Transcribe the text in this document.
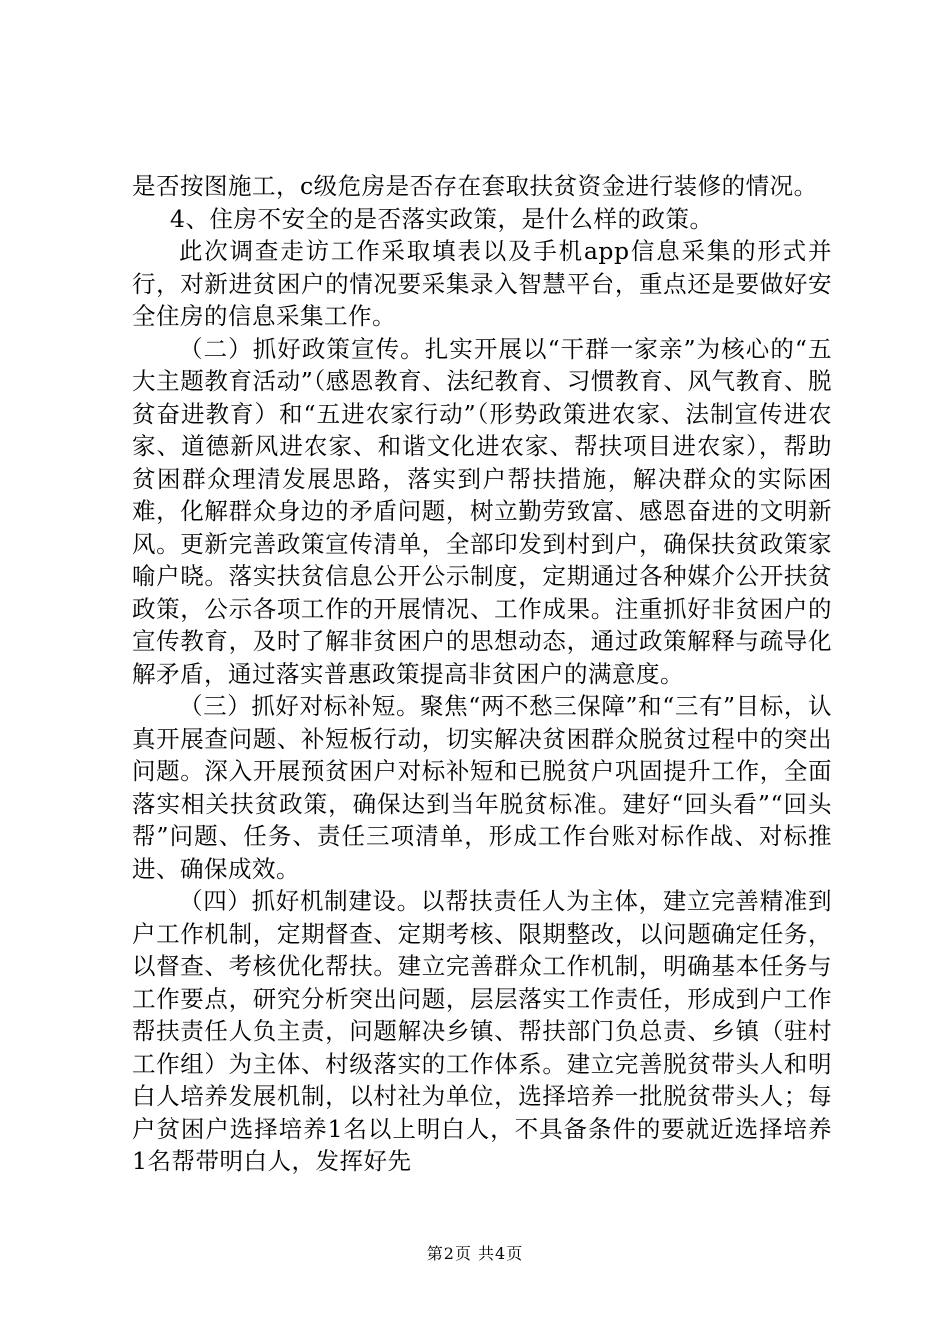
是否按图施工，c级危房是否存在套取扶贫资金进行装修的情况。

4、住房不安全的是否落实政策，是什么样的政策。

此次调查走访工作采取填表以及手机app信息采集的形式并行，对新进贫困户的情况要采集录入智慧平台，重点还是要做好安全住房的信息采集工作。

（二）抓好政策宣传。扎实开展以“干群一家亲”为核心的“五大主题教育活动”（感恩教育、法纪教育、习惯教育、风气教育、脱贫奋进教育）和“五进农家行动”（形势政策进农家、法制宣传进农家、道德新风进农家、和谐文化进农家、帮扶项目进农家），帮助贫困群众理清发展思路，落实到户帮扶措施，解决群众的实际困难，化解群众身边的矛盾问题，树立勤劳致富、感恩奋进的文明新风。更新完善政策宣传清单，全部印发到村到户，确保扶贫政策家喻户晓。落实扶贫信息公开公示制度，定期通过各种媒介公开扶贫政策，公示各项工作的开展情况、工作成果。注重抓好非贫困户的宣传教育，及时了解非贫困户的思想动态，通过政策解释与疏导化解矛盾，通过落实普惠政策提高非贫困户的满意度。

（三）抓好对标补短。聚焦“两不愁三保障”和“三有”目标，认真开展查问题、补短板行动，切实解决贫困群众脱贫过程中的突出问题。深入开展预贫困户对标补短和已脱贫户巩固提升工作，全面落实相关扶贫政策，确保达到当年脱贫标准。建好“回头看”“回头帮”问题、任务、责任三项清单，形成工作台账对标作战、对标推进、确保成效。

（四）抓好机制建设。以帮扶责任人为主体，建立完善精准到户工作机制，定期督查、定期考核、限期整改，以问题确定任务，以督查、考核优化帮扶。建立完善群众工作机制，明确基本任务与工作要点，研究分析突出问题，层层落实工作责任，形成到户工作帮扶责任人负主责，问题解决乡镇、帮扶部门负总责、乡镇（驻村工作组）为主体、村级落实的工作体系。建立完善脱贫带头人和明白人培养发展机制，以村社为单位，选择培养一批脱贫带头人；每户贫困户选择培养1名以上明白人，不具备条件的要就近选择培养1名帮带明白人，发挥好先

第2页 共4页
